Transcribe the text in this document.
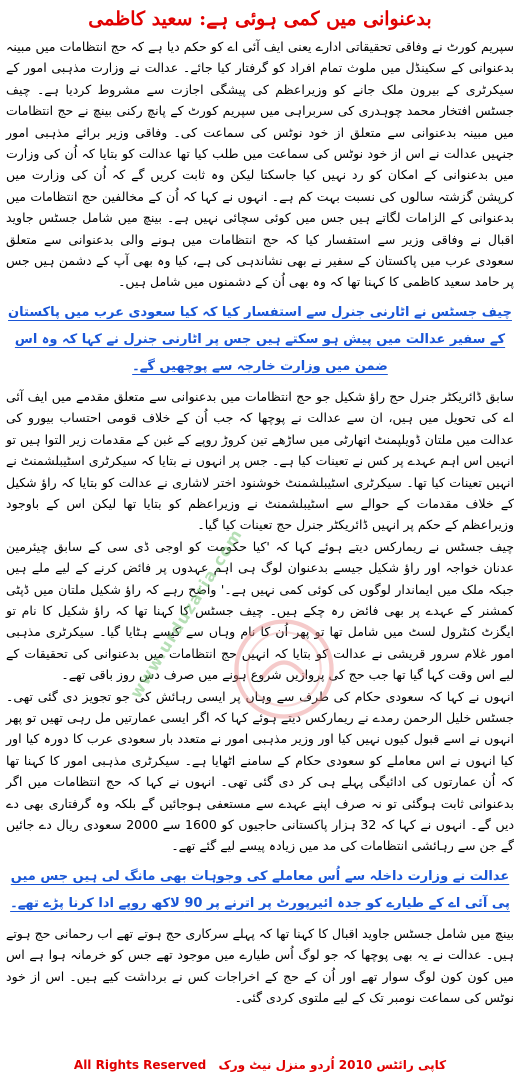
بدعنوانی میں کمی ہوئی ہے: سعید کاظمی

سپریم کورٹ نے وفاقی تحقیقاتی ادارے یعنی ایف آئی اے کو حکم دیا ہے کہ حج انتظامات میں مبینہ بدعنوانی کے سکینڈل میں ملوث تمام افراد کو گرفتار کیا جائے۔ عدالت نے وزارت مذہبی امور کے سیکرٹری کے بیرون ملک جانے کو وزیراعظم کی پیشگی اجازت سے مشروط کردیا ہے۔ چیف جسٹس افتخار محمد چوہدری کی سربراہی میں سپریم کورٹ کے پانچ رکنی بینچ نے حج انتظامات میں مبینہ بدعنوانی سے متعلق از خود نوٹس کی سماعت کی۔ وفاقی وزیر برائے مذہبی امور جنہیں عدالت نے اس از خود نوٹس کی سماعت میں طلب کیا تھا عدالت کو بتایا کہ اُن کی وزارت میں بدعنوانی کے امکان کو رد نہیں کیا جاسکتا لیکن وہ ثابت کریں گے کہ اُن کی وزارت میں کرپشن گزشتہ سالوں کی نسبت بہت کم ہے۔ انہوں نے کہا کہ اُن کے مخالفین حج انتظامات میں بدعنوانی کے الزامات لگاتے ہیں جس میں کوئی سچائی نہیں ہے۔ بینچ میں شامل جسٹس جاوید اقبال نے وفاقی وزیر سے استفسار کیا کہ حج انتظامات میں ہونے والی بدعنوانی سے متعلق سعودی عرب میں پاکستان کے سفیر نے بھی نشاندہی کی ہے، کیا وہ بھی آپ کے دشمن ہیں جس پر حامد سعید کاظمی کا کہنا تھا کہ وہ بھی اُن کے دشمنوں میں شامل ہیں۔

چیف جسٹس نے اٹارنی جنرل سے استفسار کیا کہ کیا سعودی عرب میں پاکستان کے سفیر عدالت میں پیش ہو سکتے ہیں جس پر اٹارنی جنرل نے کہا کہ وہ اس ضمن میں وزارت خارجہ سے پوچھیں گے۔

سابق ڈائریکٹر جنرل حج راؤ شکیل جو حج انتظامات میں بدعنوانی سے متعلق مقدمے میں ایف آئی اے کی تحویل میں ہیں، ان سے عدالت نے پوچھا کہ جب اُن کے خلاف قومی احتساب بیورو کی عدالت میں ملتان ڈویلپمنٹ اتھارٹی میں ساڑھے تین کروڑ روپے کے غبن کے مقدمات زیر التوا ہیں تو انہیں اس اہم عہدے پر کس نے تعینات کیا ہے۔ جس پر انہوں نے بتایا کہ سیکرٹری اسٹیبلشمنٹ نے انہیں تعینات کیا تھا۔ سیکرٹری اسٹیبلشمنٹ خوشنود اختر لاشاری نے عدالت کو بتایا کہ راؤ شکیل کے خلاف مقدمات کے حوالے سے اسٹیبلشمنٹ نے وزیراعظم کو بتایا تھا لیکن اس کے باوجود وزیراعظم کے حکم پر انہیں ڈائریکٹر جنرل حج تعینات کیا گیا۔

چیف جسٹس نے ریمارکس دیتے ہوئے کہا کہ 'کیا حکومت کو اوجی ڈی سی کے سابق چیئرمین عدنان خواجہ اور راؤ شکیل جیسے بدعنوان لوگ ہی اہم عہدوں پر فائض کرنے کے لیے ملے ہیں جبکہ ملک میں ایماندار لوگوں کی کوئی کمی نہیں ہے۔' واضح رہے کہ راؤ شکیل ملتان میں ڈپٹی کمشنر کے عہدے پر بھی فائض رہ چکے ہیں۔ چیف جسٹس کا کہنا تھا کہ راؤ شکیل کا نام تو ایگزٹ کنٹرول لسٹ میں شامل تھا تو پھر اُن کا نام وہاں سے کیسے ہٹایا گیا۔ سیکرٹری مذہبی امور غلام سرور قریشی نے عدالت کو بتایا کہ انہیں حج انتظامات میں بدعنوانی کی تحقیقات کے لیے اس وقت کہا گیا تھا جب حج کی پروازیں شروع ہونے میں صرف دس روز باقی تھے۔

انہوں نے کہا کہ سعودی حکام کی طرف سے وہاں پر ایسی رہائش کی جو تجویز دی گئی تھی۔ جسٹس خلیل الرحمن رمدے نے ریمارکس دیتے ہوئے کہا کہ اگر ایسی عمارتیں مل رہی تھیں تو پھر انہوں نے اسے قبول کیوں نہیں کیا اور وزیر مذہبی امور نے متعدد بار سعودی عرب کا دورہ کیا اور کیا انہوں نے اس معاملے کو سعودی حکام کے سامنے اٹھایا ہے۔ سیکرٹری مذہبی امور کا کہنا تھا کہ اُن عمارتوں کی ادائیگی پہلے ہی کر دی گئی تھی۔ انہوں نے کہا کہ حج انتظامات میں اگر بدعنوانی ثابت ہوگئی تو نہ صرف اپنے عہدے سے مستعفی ہوجائیں گے بلکہ وہ گرفتاری بھی دے دیں گے۔ انہوں نے کہا کہ 32 ہزار پاکستانی حاجیوں کو 1600 سے 2000 سعودی ریال دے جائیں گے جن سے رہائشی انتظامات کی مد میں زیادہ پیسے لیے گئے تھے۔

عدالت نے وزارت داخلہ سے اُس معاملے کی وجوہات بھی مانگ لی ہیں جس میں پی آئی اے کے طیارے کو جدہ ائیرپورٹ پر اترنے پر 90 لاکھ روپے ادا کرنا پڑے تھے۔

بینچ میں شامل جسٹس جاوید اقبال کا کہنا تھا کہ پہلے سرکاری حج ہوتے تھے اب رحمانی حج ہوتے ہیں۔ عدالت نے یہ بھی پوچھا کہ جو لوگ اُس طیارے میں موجود تھے جس کو خرمانہ ہوا ہے اس میں کون کون لوگ سوار تھے اور اُن کے حج کے اخراجات کس نے برداشت کیے ہیں۔ اس از خود نوٹس کی سماعت نومبر تک کے لیے ملتوی کردی گئی۔

www.urduzaria.com
All Rights Reserved کاپی رائٹس 2010 اُردو منزل نیٹ ورک
